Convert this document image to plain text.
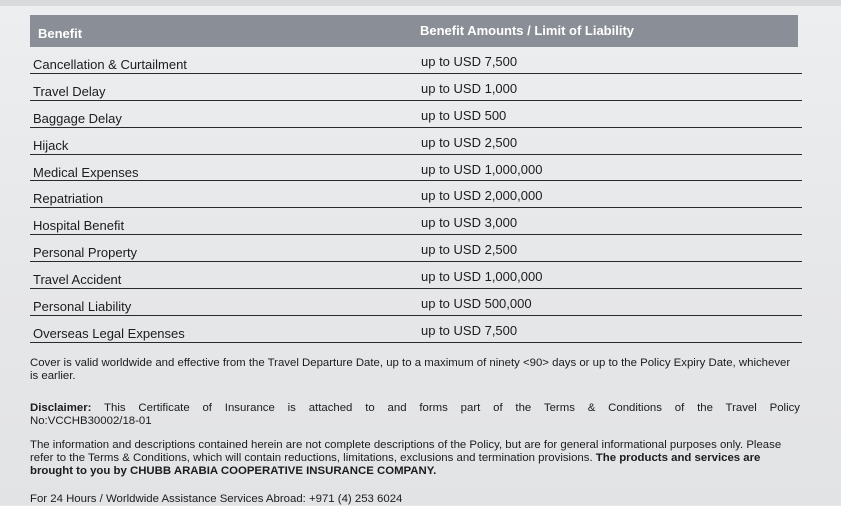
Benefit	Benefit Amounts / Limit of Liability
Cancellation & Curtailment	up to USD 7,500
Travel Delay	up to USD 1,000
Baggage Delay	up to USD 500
Hijack	up to USD 2,500
Medical Expenses	up to USD 1,000,000
Repatriation	up to USD 2,000,000
Hospital Benefit	up to USD 3,000
Personal Property	up to USD 2,500
Travel Accident	up to USD 1,000,000
Personal Liability	up to USD 500,000
Overseas Legal Expenses	up to USD 7,500

Cover is valid worldwide and effective from the Travel Departure Date, up to a maximum of ninety <90> days or up to the Policy Expiry Date, whichever is earlier.

Disclaimer: This Certificate of Insurance is attached to and forms part of the Terms & Conditions of the Travel Policy No:VCCHB30002/18-01

The information and descriptions contained herein are not complete descriptions of the Policy, but are for general informational purposes only. Please refer to the Terms & Conditions, which will contain reductions, limitations, exclusions and termination provisions. The products and services are brought to you by CHUBB ARABIA COOPERATIVE INSURANCE COMPANY.

For 24 Hours / Worldwide Assistance Services Abroad: +971 (4) 253 6024
